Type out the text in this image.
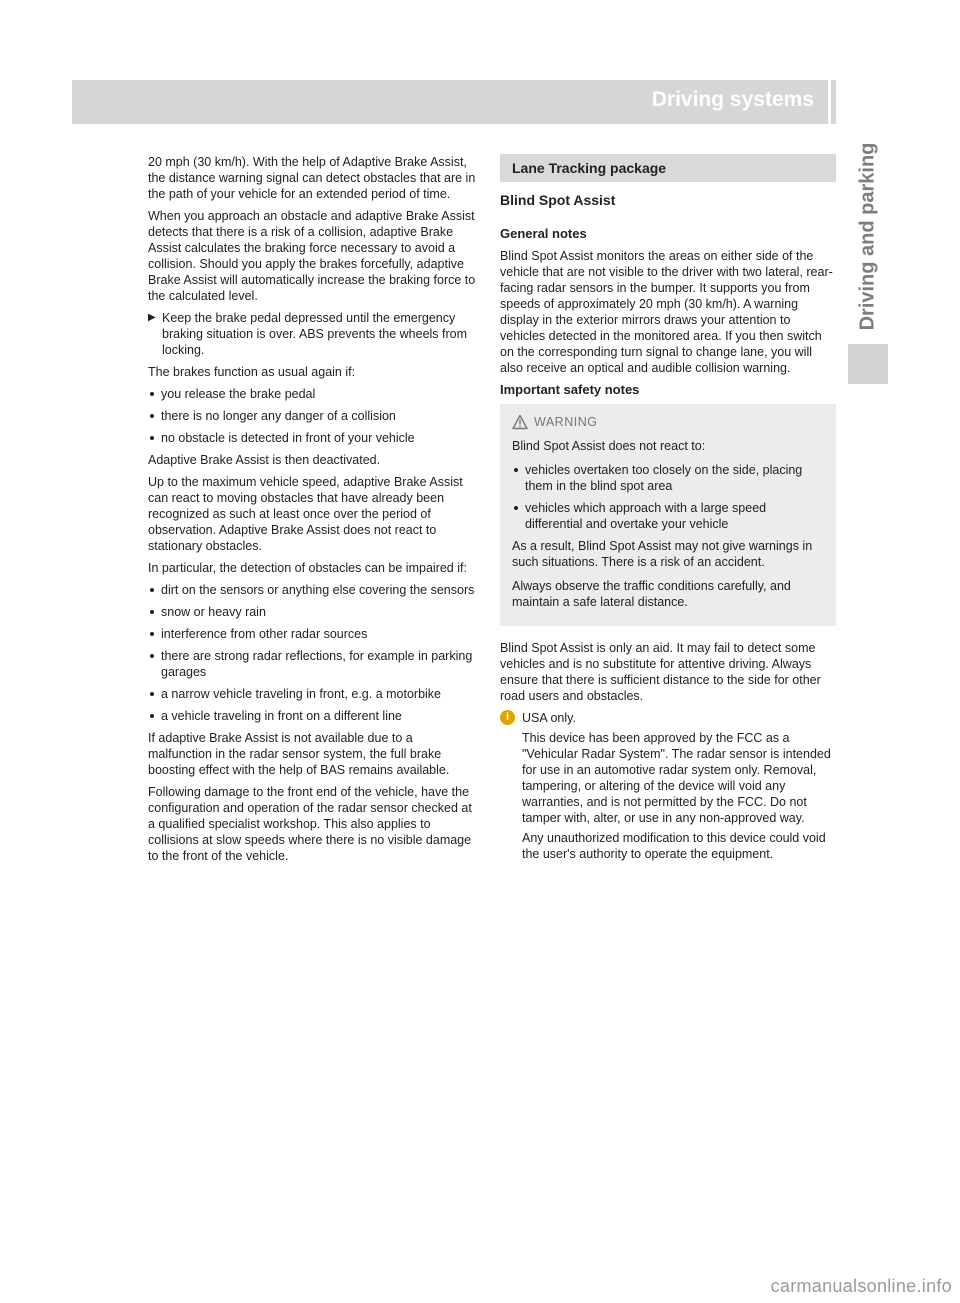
Driving systems 141
Driving and parking

20 mph (30 km/h). With the help of Adaptive Brake Assist, the distance warning signal can detect obstacles that are in the path of your vehicle for an extended period of time.

When you approach an obstacle and adaptive Brake Assist detects that there is a risk of a collision, adaptive Brake Assist calculates the braking force necessary to avoid a collision. Should you apply the brakes forcefully, adaptive Brake Assist will automatically increase the braking force to the calculated level.

▶ Keep the brake pedal depressed until the emergency braking situation is over. ABS prevents the wheels from locking.

The brakes function as usual again if:

you release the brake pedal
there is no longer any danger of a collision
no obstacle is detected in front of your vehicle

Adaptive Brake Assist is then deactivated.

Up to the maximum vehicle speed, adaptive Brake Assist can react to moving obstacles that have already been recognized as such at least once over the period of observation. Adaptive Brake Assist does not react to stationary obstacles.

In particular, the detection of obstacles can be impaired if:

dirt on the sensors or anything else covering the sensors
snow or heavy rain
interference from other radar sources
there are strong radar reflections, for example in parking garages
a narrow vehicle traveling in front, e.g. a motorbike
a vehicle traveling in front on a different line

If adaptive Brake Assist is not available due to a malfunction in the radar sensor system, the full brake boosting effect with the help of BAS remains available.

Following damage to the front end of the vehicle, have the configuration and operation of the radar sensor checked at a qualified specialist workshop. This also applies to collisions at slow speeds where there is no visible damage to the front of the vehicle.

Lane Tracking package
Blind Spot Assist
General notes

Blind Spot Assist monitors the areas on either side of the vehicle that are not visible to the driver with two lateral, rear-facing radar sensors in the bumper. It supports you from speeds of approximately 20 mph (30 km/h). A warning display in the exterior mirrors draws your attention to vehicles detected in the monitored area. If you then switch on the corresponding turn signal to change lane, you will also receive an optical and audible collision warning.

Important safety notes
WARNING

Blind Spot Assist does not react to:

vehicles overtaken too closely on the side, placing them in the blind spot area
vehicles which approach with a large speed differential and overtake your vehicle

As a result, Blind Spot Assist may not give warnings in such situations. There is a risk of an accident.

Always observe the traffic conditions carefully, and maintain a safe lateral distance.

Blind Spot Assist is only an aid. It may fail to detect some vehicles and is no substitute for attentive driving. Always ensure that there is sufficient distance to the side for other road users and obstacles.

i	USA only.

This device has been approved by the FCC as a "Vehicular Radar System". The radar sensor is intended for use in an automotive radar system only. Removal, tampering, or altering of the device will void any warranties, and is not permitted by the FCC. Do not tamper with, alter, or use in any non-approved way.

Any unauthorized modification to this device could void the user's authority to operate the equipment.

carmanualsonline.info
